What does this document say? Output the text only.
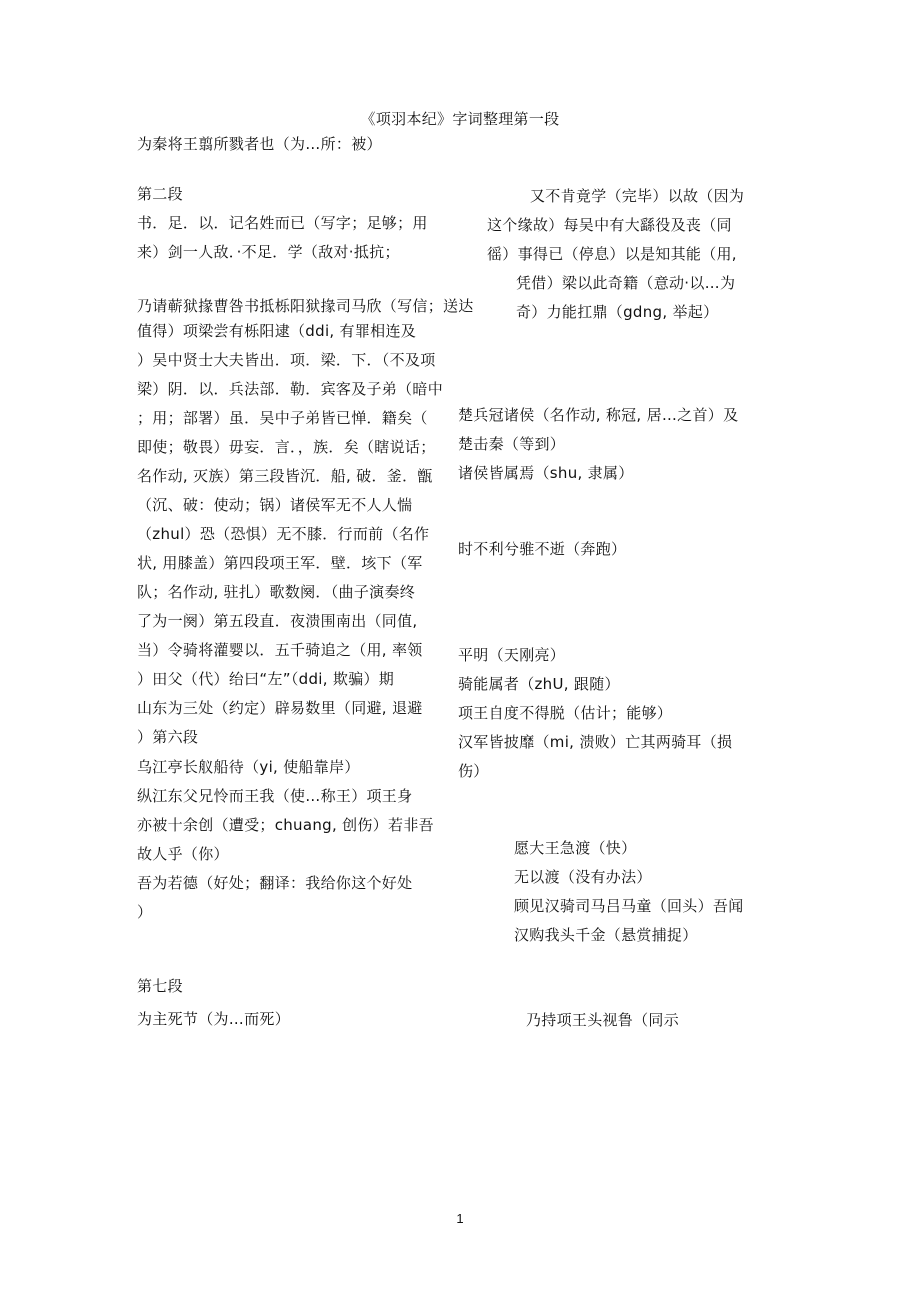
《项羽本纪》字词整理第一段
为秦将王翦所戮者也（为…所：被）
第二段
书．足．以．记名姓而已（写字；足够；用
来）剑一人敌．·不足．学（敌对·抵抗；
乃请蕲狱掾曹咎书抵栎阳狱掾司马欣（写信；送达
值得）项梁尝有栎阳逮（ddi, 有罪相连及
）吴中贤士大夫皆出．项．梁．下．（不及项
梁）阴．以．兵法部．勒．宾客及子弟（暗中
；用；部署）虽．吴中子弟皆已惮．籍矣（
即使；敬畏）毋妄．言．，族．矣（瞎说话；
名作动, 灭族）第三段皆沉．船, 破．釜．甑
（沉、破：使动；锅）诸侯军无不人人惴
（zhul）恐（恐惧）无不膝．行而前（名作
状, 用膝盖）第四段项王军．壁．垓下（军
队；名作动, 驻扎）歌数阕．（曲子演奏终
了为一阕）第五段直．夜溃围南出（同值,
当）令骑将灌婴以．五千骑追之（用, 率领
）田父（代）绐曰“左”（ddi, 欺骗）期
山东为三处（约定）辟易数里（同避, 退避
）第六段
乌江亭长舣船待（yi, 使船靠岸）
纵江东父兄怜而王我（使…称王）项王身
亦被十余创（遭受；chuang, 创伤）若非吾
故人乎（你）
吾为若德（好处；翻译：我给你这个好处
）
第七段
为主死节（为…而死）
又不肯竟学（完毕）以故（因为
这个缘故）每吴中有大繇役及丧（同
徭）事得已（停息）以是知其能（用,
凭借）梁以此奇籍（意动·以…为
奇）力能扛鼎（gdng, 举起）
楚兵冠诸侯（名作动, 称冠, 居…之首）及
楚击秦（等到）
诸侯皆属焉（shu, 隶属）
时不利兮骓不逝（奔跑）
平明（天刚亮）
骑能属者（zhU, 跟随）
项王自度不得脱（估计；能够）
汉军皆披靡（mi, 溃败）亡其两骑耳（损
伤）
愿大王急渡（快）
无以渡（没有办法）
顾见汉骑司马吕马童（回头）吾闻
汉购我头千金（悬赏捕捉）
乃持项王头视鲁（同示
1
